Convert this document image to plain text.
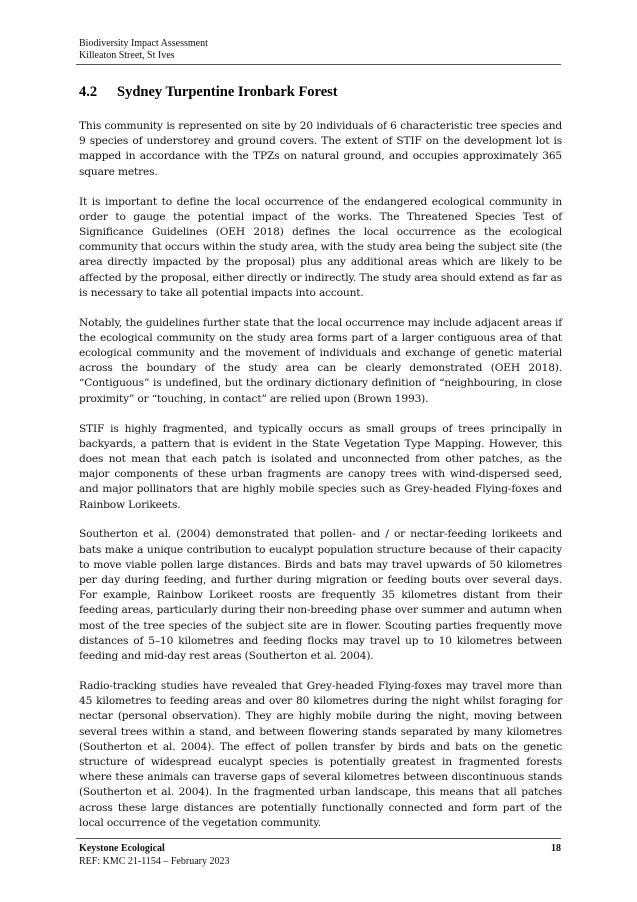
Biodiversity Impact Assessment
Killeaton Street, St Ives
4.2 Sydney Turpentine Ironbark Forest

This community is represented on site by 20 individuals of 6 characteristic tree species and 9 species of understorey and ground covers. The extent of STIF on the development lot is mapped in accordance with the TPZs on natural ground, and occupies approximately 365 square metres.

It is important to define the local occurrence of the endangered ecological community in order to gauge the potential impact of the works. The Threatened Species Test of Significance Guidelines (OEH 2018) defines the local occurrence as the ecological community that occurs within the study area, with the study area being the subject site (the area directly impacted by the proposal) plus any additional areas which are likely to be affected by the proposal, either directly or indirectly. The study area should extend as far as is necessary to take all potential impacts into account.

Notably, the guidelines further state that the local occurrence may include adjacent areas if the ecological community on the study area forms part of a larger contiguous area of that ecological community and the movement of individuals and exchange of genetic material across the boundary of the study area can be clearly demonstrated (OEH 2018). “Contiguous” is undefined, but the ordinary dictionary definition of “neighbouring, in close proximity” or “touching, in contact” are relied upon (Brown 1993).

STIF is highly fragmented, and typically occurs as small groups of trees principally in backyards, a pattern that is evident in the State Vegetation Type Mapping. However, this does not mean that each patch is isolated and unconnected from other patches, as the major components of these urban fragments are canopy trees with wind-dispersed seed, and major pollinators that are highly mobile species such as Grey-headed Flying-foxes and Rainbow Lorikeets.

Southerton et al. (2004) demonstrated that pollen- and / or nectar-feeding lorikeets and bats make a unique contribution to eucalypt population structure because of their capacity to move viable pollen large distances. Birds and bats may travel upwards of 50 kilometres per day during feeding, and further during migration or feeding bouts over several days. For example, Rainbow Lorikeet roosts are frequently 35 kilometres distant from their feeding areas, particularly during their non-breeding phase over summer and autumn when most of the tree species of the subject site are in flower. Scouting parties frequently move distances of 5–10 kilometres and feeding flocks may travel up to 10 kilometres between feeding and mid-day rest areas (Southerton et al. 2004).

Radio-tracking studies have revealed that Grey-headed Flying-foxes may travel more than 45 kilometres to feeding areas and over 80 kilometres during the night whilst foraging for nectar (personal observation). They are highly mobile during the night, moving between several trees within a stand, and between flowering stands separated by many kilometres (Southerton et al. 2004). The effect of pollen transfer by birds and bats on the genetic structure of widespread eucalypt species is potentially greatest in fragmented forests where these animals can traverse gaps of several kilometres between discontinuous stands (Southerton et al. 2004). In the fragmented urban landscape, this means that all patches across these large distances are potentially functionally connected and form part of the local occurrence of the vegetation community.

Keystone Ecological
REF: KMC 21-1154 – February 2023
18
